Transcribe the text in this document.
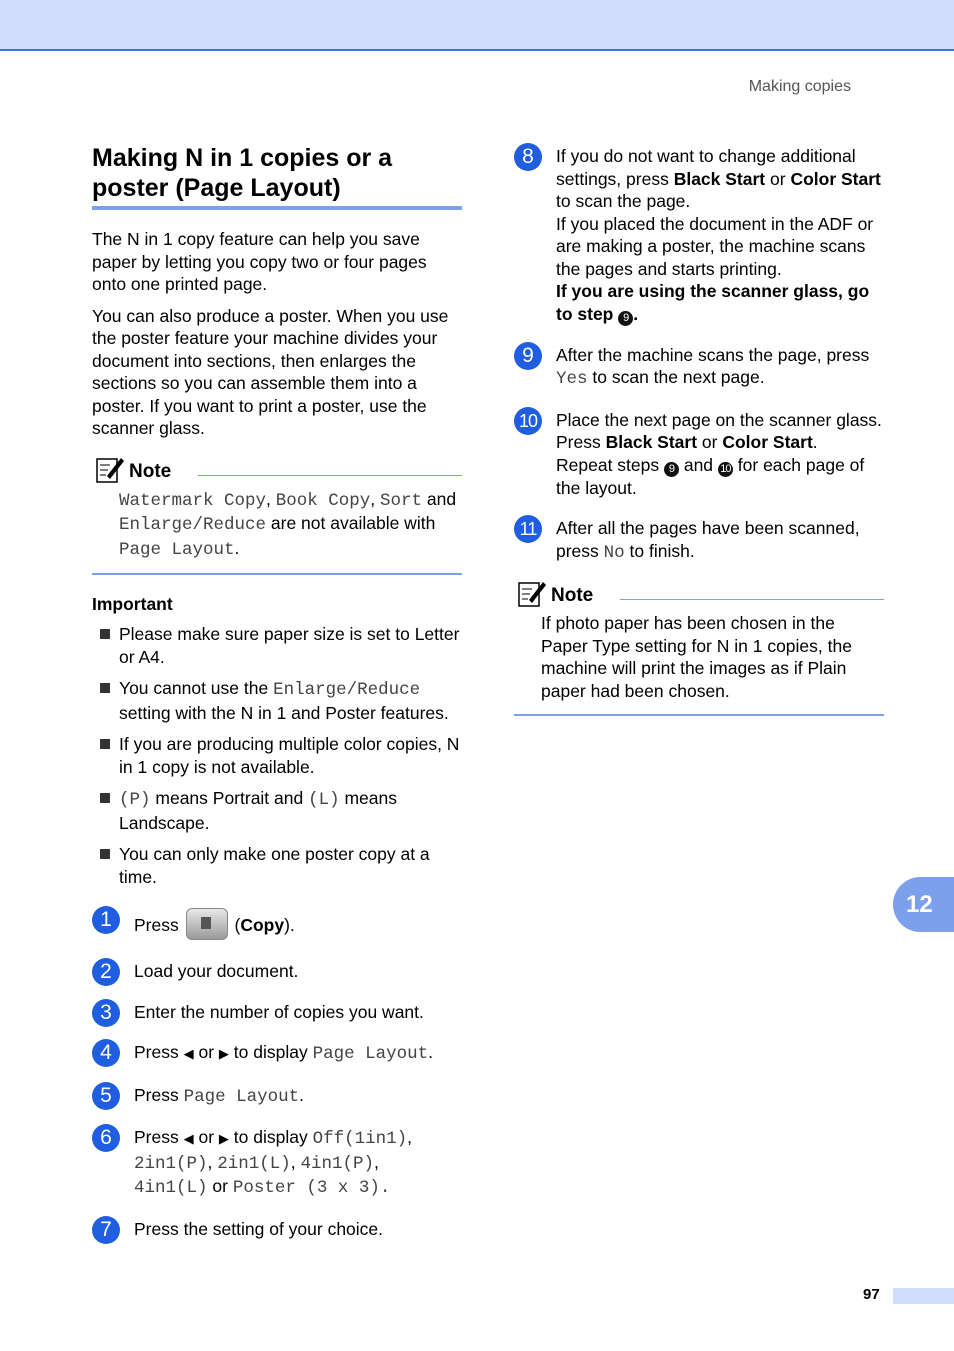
Making copies
Making N in 1 copies or a poster (Page Layout)

The N in 1 copy feature can help you save paper by letting you copy two or four pages onto one printed page.

You can also produce a poster. When you use the poster feature your machine divides your document into sections, then enlarges the sections so you can assemble them into a poster. If you want to print a poster, use the scanner glass.

Note
Watermark Copy, Book Copy, Sort and Enlarge/Reduce are not available with Page Layout.
Important
Please make sure paper size is set to Letter or A4.
You cannot use the Enlarge/Reduce setting with the N in 1 and Poster features.
If you are producing multiple color copies, N in 1 copy is not available.
(P) means Portrait and (L) means Landscape.
You can only make one poster copy at a time.
1	Press	(Copy).
2	Load your document.
3	Enter the number of copies you want.
4	Press ◀ or ▶ to display Page Layout.
5	Press Page Layout.
6	Press ◀ or ▶ to display Off(1in1),
2in1(P), 2in1(L), 4in1(P),
4in1(L) or Poster (3 x 3).
7	Press the setting of your choice.
8	If you do not want to change additional settings, press Black Start or Color Start to scan the page.
If you placed the document in the ADF or are making a poster, the machine scans the pages and starts printing.
If you are using the scanner glass, go to step 9 .
9	After the machine scans the page, press Yes to scan the next page.
10 Place the next page on the scanner glass.
Press Black Start or Color Start.
Repeat steps 9 and 10 for each page of the layout.
11	After all the pages have been scanned, press No to finish.
Note
If photo paper has been chosen in the Paper Type setting for N in 1 copies, the machine will print the images as if Plain paper had been chosen.
12
97
